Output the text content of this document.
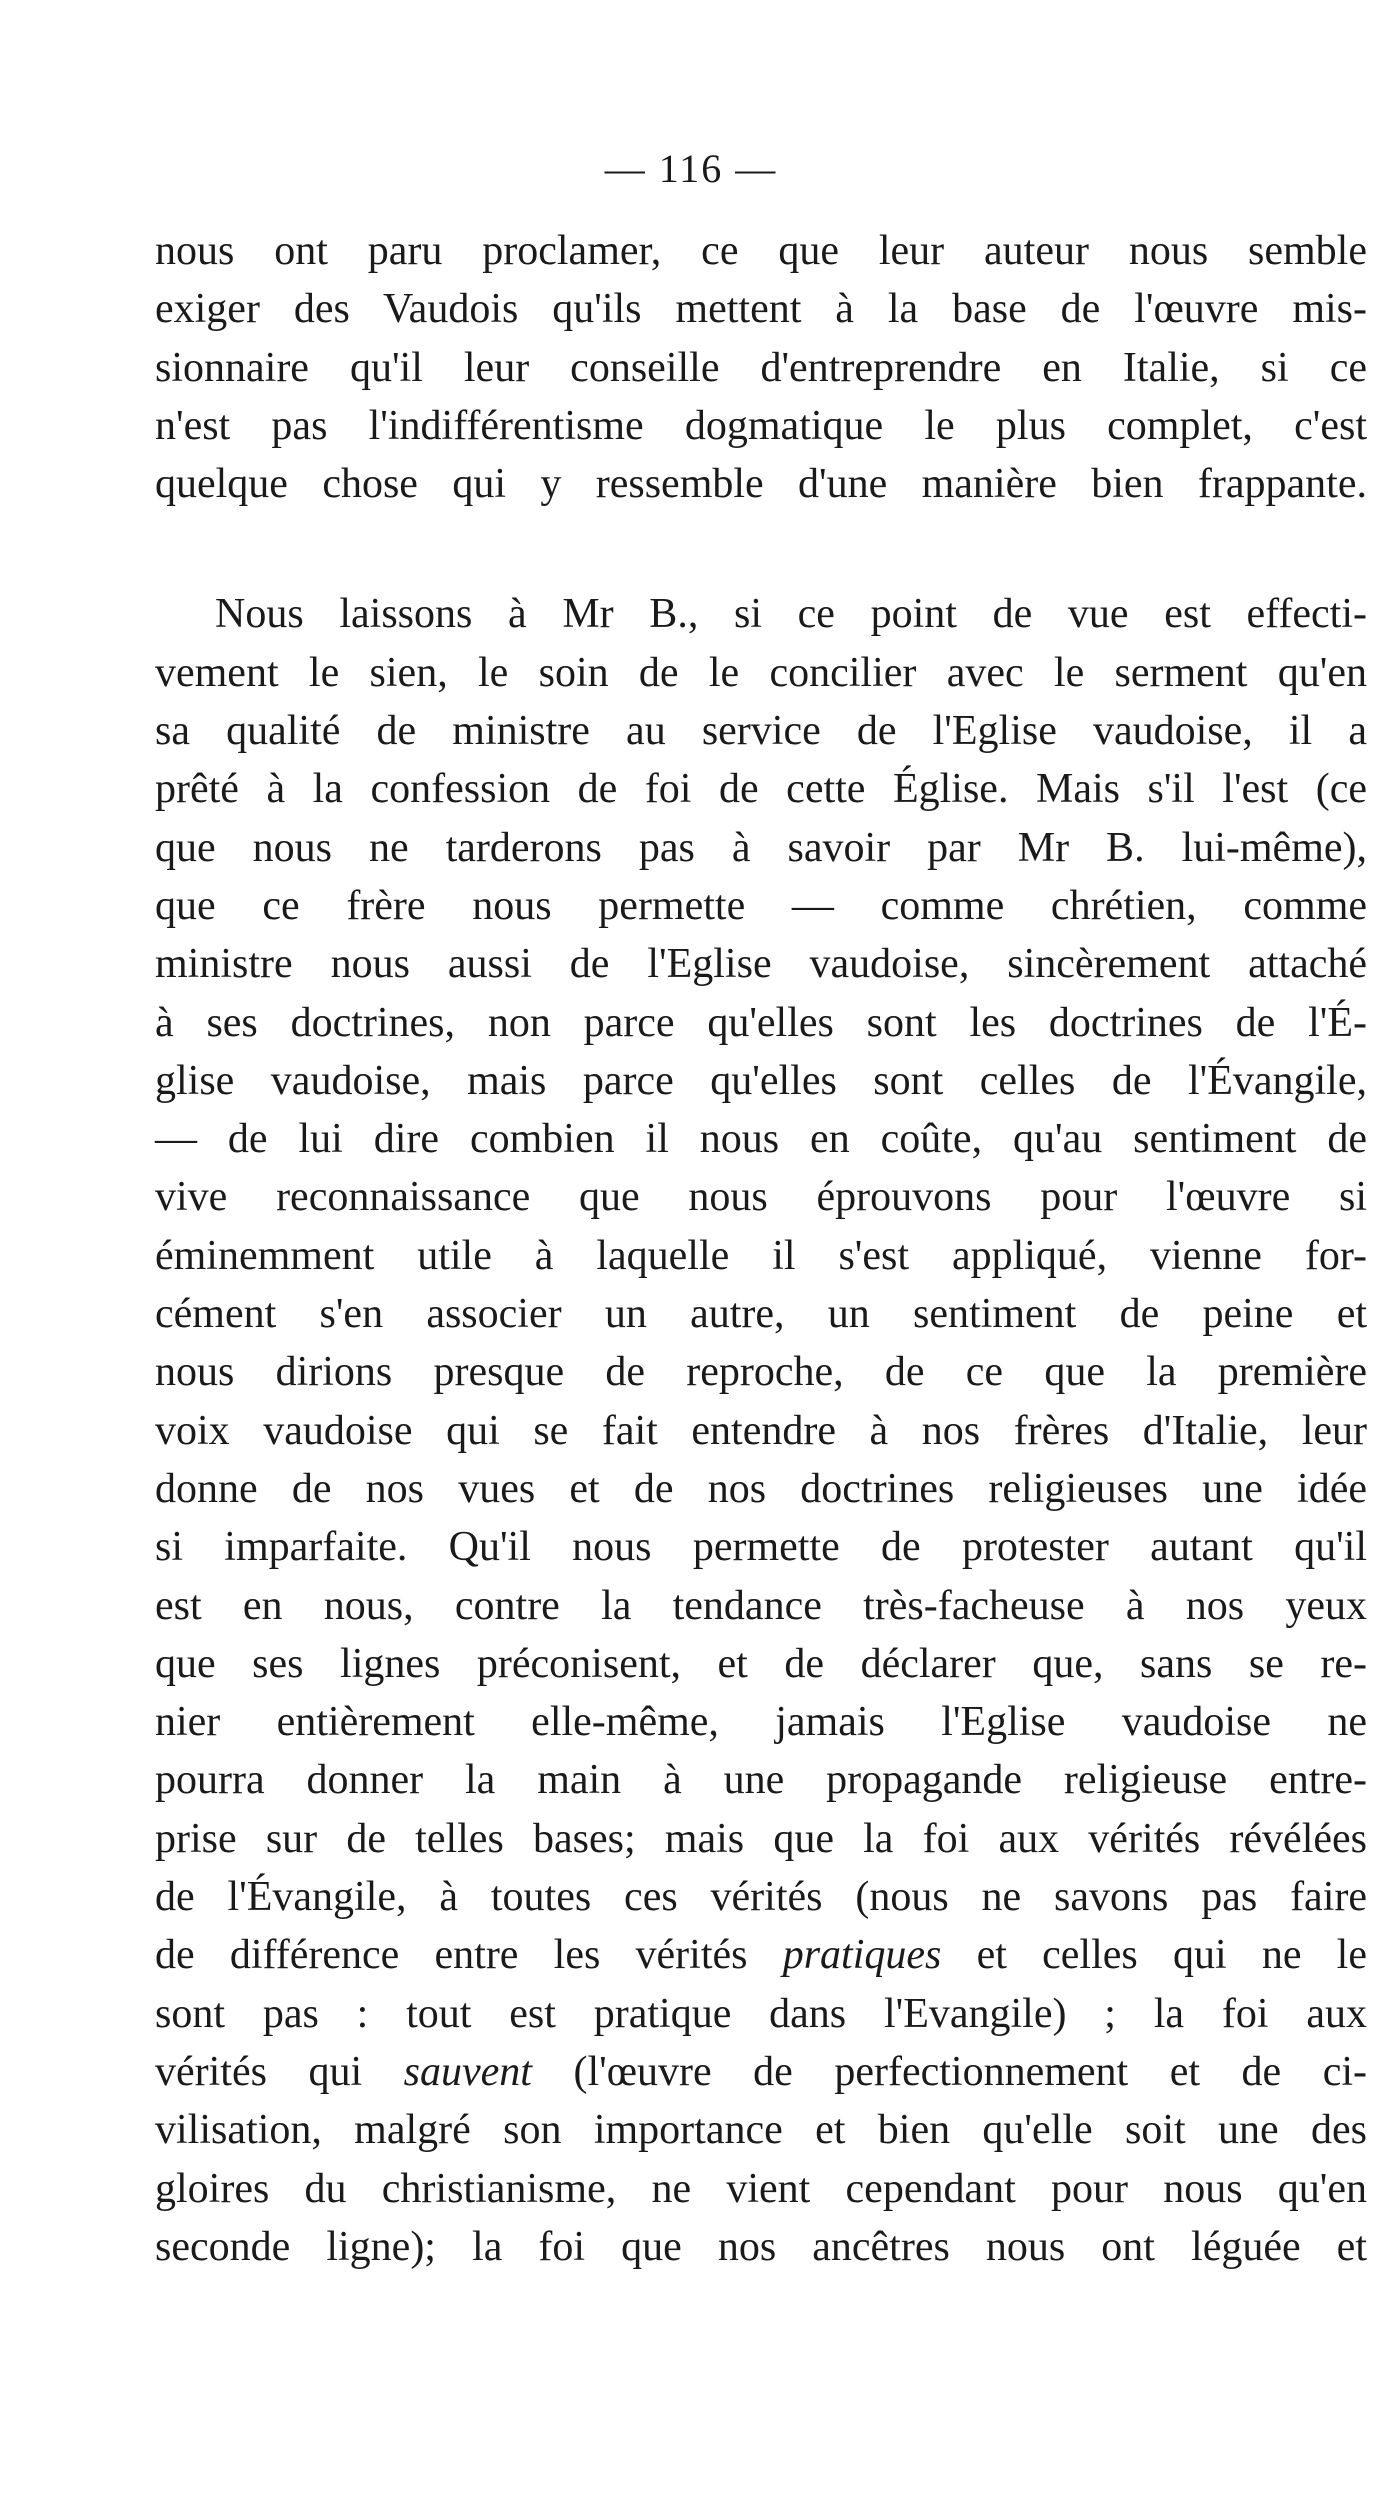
— 116 —
nous ont paru proclamer, ce que leur auteur nous semble
exiger des Vaudois qu'ils mettent à la base de l'œuvre mis-
sionnaire qu'il leur conseille d'entreprendre en Italie, si ce
n'est pas l'indifférentisme dogmatique le plus complet, c'est
quelque chose qui y ressemble d'une manière bien frappante.
Nous laissons à Mr B., si ce point de vue est effecti-
vement le sien, le soin de le concilier avec le serment qu'en
sa qualité de ministre au service de l'Eglise vaudoise, il a
prêté à la confession de foi de cette Église. Mais s'il l'est (ce
que nous ne tarderons pas à savoir par Mr B. lui-même),
que ce frère nous permette — comme chrétien, comme
ministre nous aussi de l'Eglise vaudoise, sincèrement attaché
à ses doctrines, non parce qu'elles sont les doctrines de l'É-
glise vaudoise, mais parce qu'elles sont celles de l'Évangile,
— de lui dire combien il nous en coûte, qu'au sentiment de
vive reconnaissance que nous éprouvons pour l'œuvre si
éminemment utile à laquelle il s'est appliqué, vienne for-
cément s'en associer un autre, un sentiment de peine et
nous dirions presque de reproche, de ce que la première
voix vaudoise qui se fait entendre à nos frères d'Italie, leur
donne de nos vues et de nos doctrines religieuses une idée
si imparfaite. Qu'il nous permette de protester autant qu'il
est en nous, contre la tendance très-facheuse à nos yeux
que ses lignes préconisent, et de déclarer que, sans se re-
nier entièrement elle-même, jamais l'Eglise vaudoise ne
pourra donner la main à une propagande religieuse entre-
prise sur de telles bases; mais que la foi aux vérités révélées
de l'Évangile, à toutes ces vérités (nous ne savons pas faire
de différence entre les vérités pratiques et celles qui ne le
sont pas : tout est pratique dans l'Evangile) ; la foi aux
vérités qui sauvent (l'œuvre de perfectionnement et de ci-
vilisation, malgré son importance et bien qu'elle soit une des
gloires du christianisme, ne vient cependant pour nous qu'en
seconde ligne); la foi que nos ancêtres nous ont léguée et
